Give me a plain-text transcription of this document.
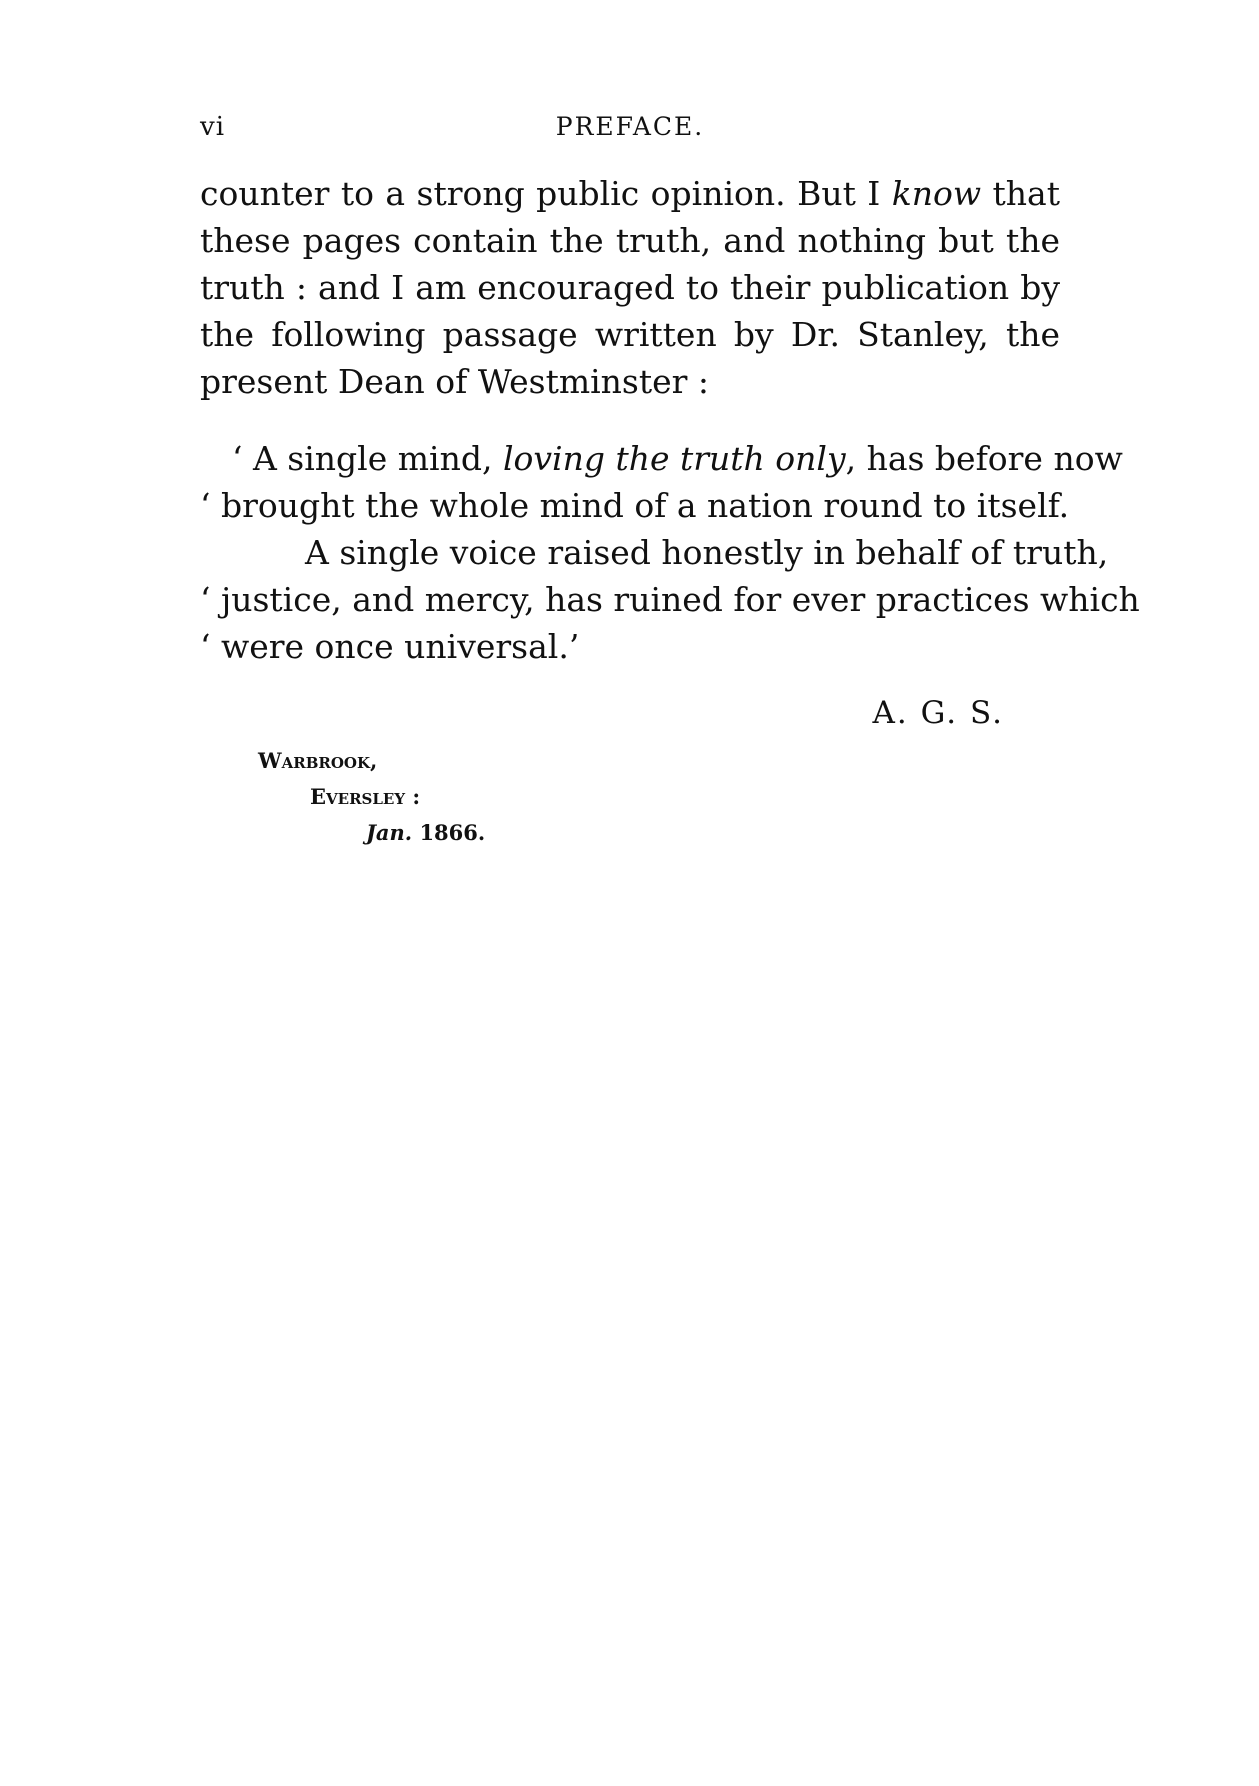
vi	PREFACE.

counter to a strong public opinion. But I know that these pages contain the truth, and nothing but the truth : and I am encouraged to their publication by the following passage written by Dr. Stanley, the present Dean of Westminster :

‘ A single mind, loving the truth only, has before now
‘ brought the whole mind of a nation round to itself.
A single voice raised honestly in behalf of truth,
‘ justice, and mercy, has ruined for ever practices which
‘ were once universal.’
A. G. S.
Warbrook,
Eversley :
Jan. 1866.
